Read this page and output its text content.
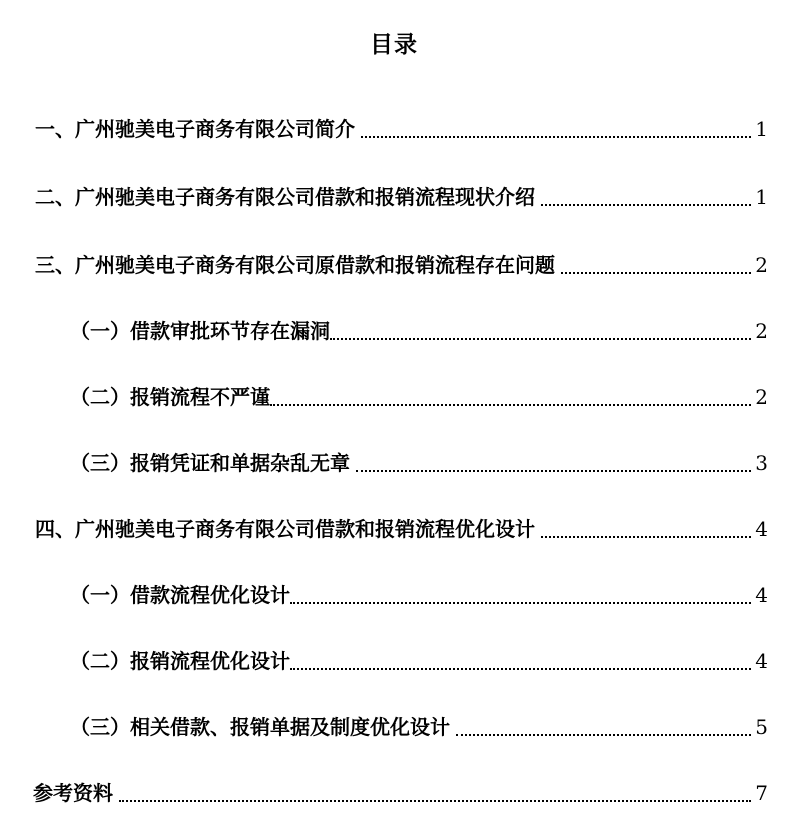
目录
一、广州驰美电子商务有限公司简介	1
二、广州驰美电子商务有限公司借款和报销流程现状介绍	1
三、广州驰美电子商务有限公司原借款和报销流程存在问题	2
（一）借款审批环节存在漏洞	2
（二）报销流程不严谨	2
（三）报销凭证和单据杂乱无章	3
四、广州驰美电子商务有限公司借款和报销流程优化设计	4
（一）借款流程优化设计	4
（二）报销流程优化设计	4
（三）相关借款、报销单据及制度优化设计	5
参考资料	7
